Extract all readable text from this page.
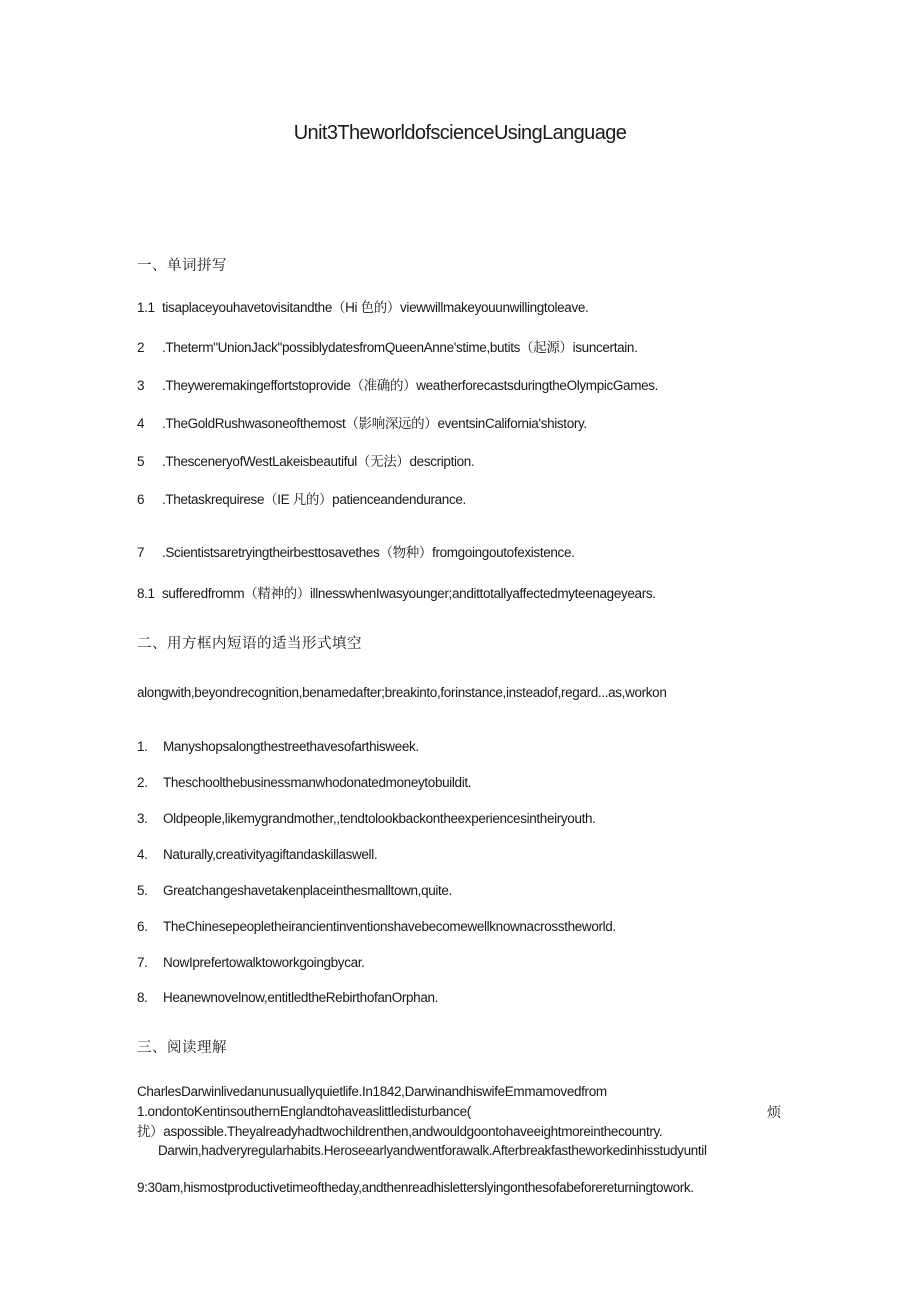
Unit3TheworldofscienceUsingLanguage
一、单词拼写
1.1 tisaplaceyouhavetovisitandthe（Hi 色的）viewwillmakeyouunwillingtoleave.
2 .Theterm"UnionJack"possiblydatesfromQueenAnne'stime,butits（起源）isuncertain.
3 .Theyweremakingeffortstoprovide（准确的）weatherforecastsduringtheOlympicGames.
4 .TheGoldRushwasoneofthemost（影响深远的）eventsinCalifornia'shistory.
5 .ThesceneryofWestLakeisbeautiful（无法）description.
6 .Thetaskrequirese（IE 凡的）patienceandendurance.
7 .Scientistsaretryingtheirbesttosavethes（物种）fromgoingoutofexistence.
8.1 sufferedfromm（精神的）illnesswhenIwasyounger;andittotallyaffectedmyteenageyears.
二、用方框内短语的适当形式填空
alongwith,beyondrecognition,benamedafter;breakinto,forinstance,insteadof,regard...as,workon
1. Manyshopsalongthestreethavesofarthisweek.
2. Theschoolthebusinessmanwhodonatedmoneytobuildit.
3. Oldpeople,likemygrandmother,,tendtolookbackontheexperiencesintheiryouth.
4. Naturally,creativityagiftandaskillaswell.
5. Greatchangeshavetakenplaceinthesmalltown,quite.
6. TheChinesepeopletheirancientinventionshavebecomewellknownacrosstheworld.
7. NowIprefertowalktoworkgoingbycar.
8. Heanewnovelnow,entitledtheRebirthofanOrphan.
三、阅读理解
CharlesDarwinlivedanunusuallyquietlife.In1842,DarwinandhiswifeEmmamovedfrom
1.ondontoKentinsouthernEnglandtohaveaslittledisturbance(	烦
扰）aspossible.Theyalreadyhadtwochildrenthen,andwouldgoontohaveeightmoreinthecountry.
Darwin,hadveryregularhabits.Heroseearlyandwentforawalk.Afterbreakfastheworkedinhisstudyuntil
9:30am,hismostproductivetimeoftheday,andthenreadhisletterslyingonthesofabeforereturningtowork.
